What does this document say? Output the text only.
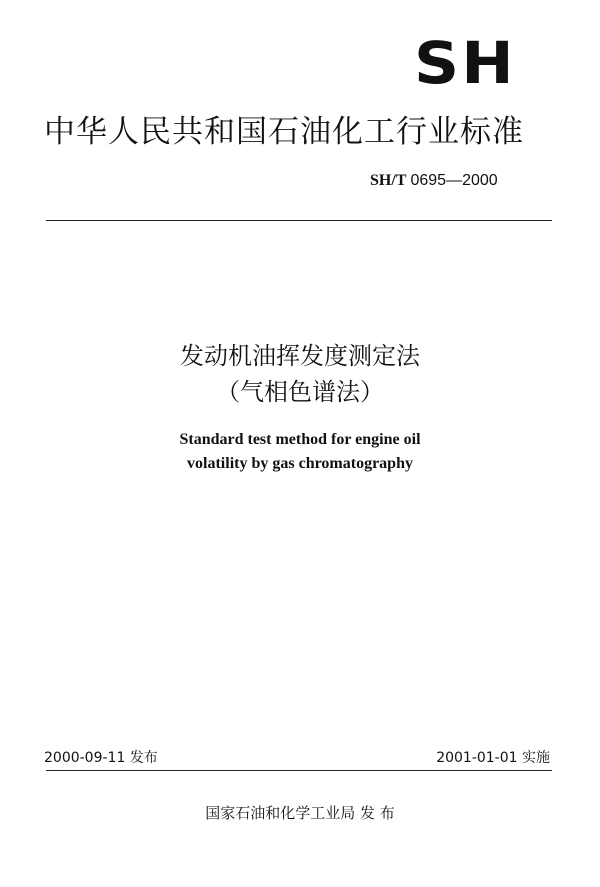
SH
中华人民共和国石油化工行业标准
SH/T 0695—2000
发动机油挥发度测定法
（气相色谱法）
Standard test method for engine oil
volatility by gas chromatography
2000-09-11 发布	2001-01-01 实施
国家石油和化学工业局 发 布
